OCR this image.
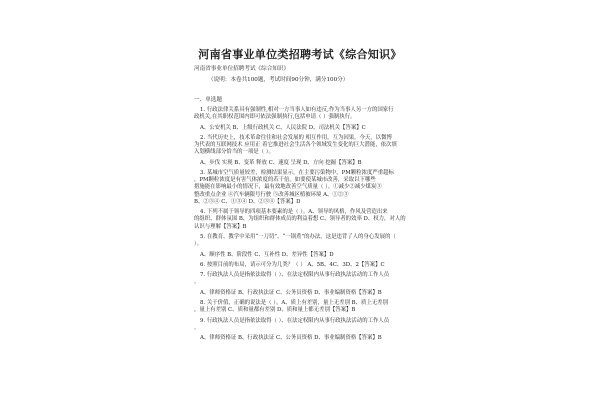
河南省事业单位类招聘考试《综合知识》
河南省事业单位招聘考试《综合知识》
（说明：本卷共100题，考试时间90分钟，满分100分）
一、单选题
1. 行政法律关系具有强制性,相对一方当事人如有违反,作为当事人另一方的国家行
政机关,在其职权范围内即可依法强制执行,包括申请（ ）强制执行。
A、公安机关 B、上级行政机关 C、人民法院 D、司法机关【答案】C
2. 当代历史上，技术革命往往和社会发展的 相互作用，互为因果。今天，以微博
为代表的互联网技术 应用正 着它推进社会生活各个领域发生变化的巨大潜能，依次填
入划横线部分恰当的一项是（ ）。
A、步伐 实现 B、变革 释放 C、速度 呈现 D、方向 挖掘【答案】B
3. 某城市空气质量较差，检测结果显示，在主要污染物中，PM颗粒浓度严重超标
，PM颗粒浓度是有害气体浓度的若干倍。如要使某城市改善，采取以下哪些
措施能在影响最小的情况下，最有效地改善空气质量（ ）。①减少②减少煤炭③
整改重点企业 ④汽车辆限号行驶 ⑤改善城区植被环境 A、①②③
B、②③④ C、①③④ D、②③④【答案】D
4. 下列不属于领导的四项基本要素的是（ ）。A、领导的风格，作风及营造出来
的组织、群体氛围 B、为组织和群体成员的利益着想 C、领导者的效率 D、权力，对人的
认识与理解【答案】B
5. 在教育、教学中采用“一刀切”、“一锅煮”的办法，这是违背了人的身心发展的（
）。
A、顺序性 B、阶段性 C、互补性 D、差异性【答案】D
6. 按照目前的布局，请示可分为几类？（ ） A、5B、4C、3D、2【答案】C
7. 行政执法人员是指依法取得（ ）、在法定权限内从事行政执法活动的工作人员
。
A、律师资格证 B、行政执法证 C、公务员资格 D、事业编制资格【答案】B
8. 关于价值，正确的说法是（ ）。A、质上有差别，量上无差别 B、质上无差别
，量上有差别 C、质和量都有差别 D、质和量上都无差别【答案】B
9. 行政执法人员是指依法取得（ ）、在法定权限内从事行政执法活动的工作人员
。
A、律师资格证 B、行政执法证 C、公务员资格 D、事业编制资格【答案】B
